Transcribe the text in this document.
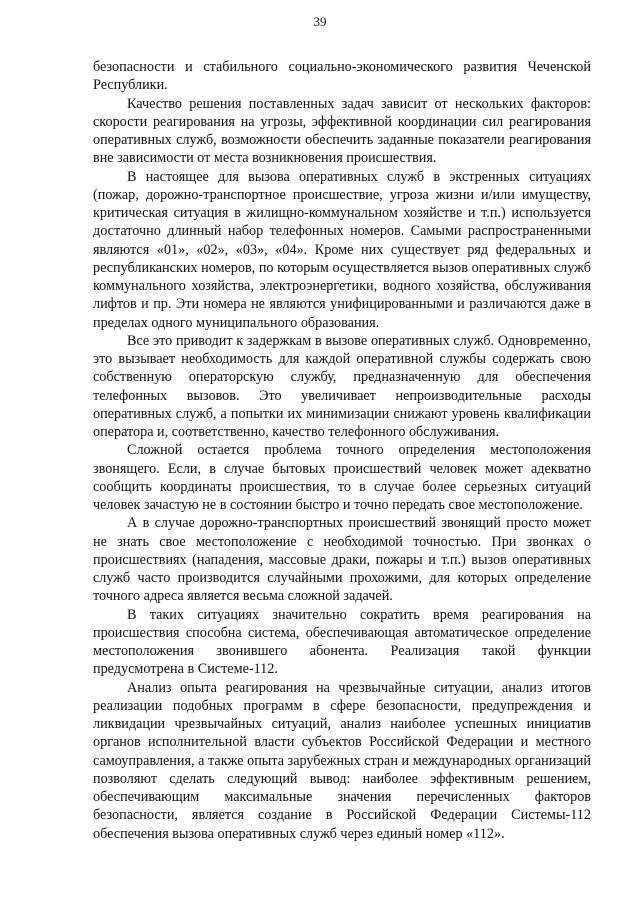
39

безопасности и стабильного социально-экономического развития Чеченской Республики.

Качество решения поставленных задач зависит от нескольких факторов: скорости реагирования на угрозы, эффективной координации сил реагирования оперативных служб, возможности обеспечить заданные показатели реагирования вне зависимости от места возникновения происшествия.

В настоящее для вызова оперативных служб в экстренных ситуациях (пожар, дорожно-транспортное происшествие, угроза жизни и/или имуществу, критическая ситуация в жилищно-коммунальном хозяйстве и т.п.) используется достаточно длинный набор телефонных номеров. Самыми распространенными являются «01», «02», «03», «04». Кроме них существует ряд федеральных и республиканских номеров, по которым осуществляется вызов оперативных служб коммунального хозяйства, электроэнергетики, водного хозяйства, обслуживания лифтов и пр. Эти номера не являются унифицированными и различаются даже в пределах одного муниципального образования.

Все это приводит к задержкам в вызове оперативных служб. Одновременно, это вызывает необходимость для каждой оперативной службы содержать свою собственную операторскую службу, предназначенную для обеспечения телефонных вызовов. Это увеличивает непроизводительные расходы оперативных служб, а попытки их минимизации снижают уровень квалификации оператора и, соответственно, качество телефонного обслуживания.

Сложной остается проблема точного определения местоположения звонящего. Если, в случае бытовых происшествий человек может адекватно сообщить координаты происшествия, то в случае более серьезных ситуаций человек зачастую не в состоянии быстро и точно передать свое местоположение.

А в случае дорожно-транспортных происшествий звонящий просто может не знать свое местоположение с необходимой точностью. При звонках о происшествиях (нападения, массовые драки, пожары и т.п.) вызов оперативных служб часто производится случайными прохожими, для которых определение точного адреса является весьма сложной задачей.

В таких ситуациях значительно сократить время реагирования на происшествия способна система, обеспечивающая автоматическое определение местоположения звонившего абонента. Реализация такой функции предусмотрена в Системе-112.

Анализ опыта реагирования на чрезвычайные ситуации, анализ итогов реализации подобных программ в сфере безопасности, предупреждения и ликвидации чрезвычайных ситуаций, анализ наиболее успешных инициатив органов исполнительной власти субъектов Российской Федерации и местного самоуправления, а также опыта зарубежных стран и международных организаций позволяют сделать следующий вывод: наиболее эффективным решением, обеспечивающим максимальные значения перечисленных факторов безопасности, является создание в Российской Федерации Системы-112 обеспечения вызова оперативных служб через единый номер «112».
